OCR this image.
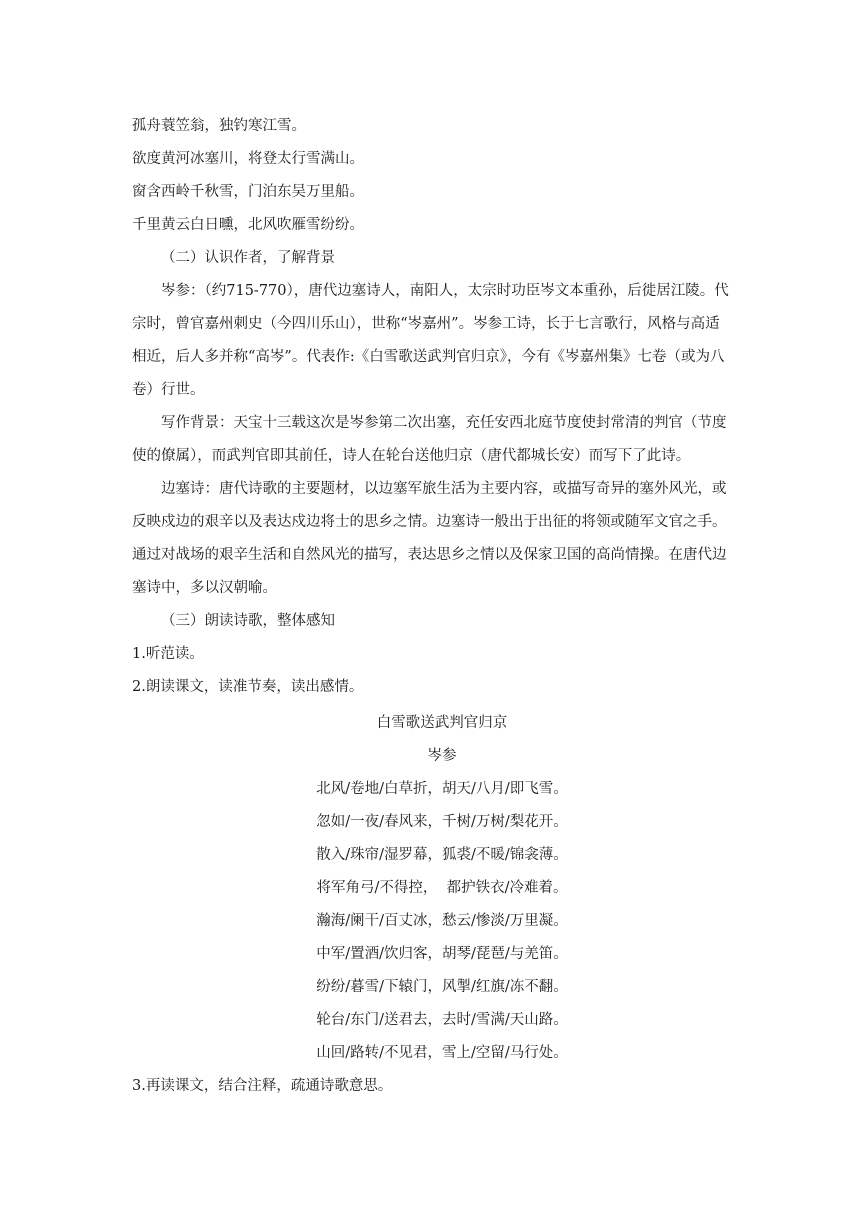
孤舟蓑笠翁，独钓寒江雪。
欲度黄河冰塞川，将登太行雪满山。
窗含西岭千秋雪，门泊东吴万里船。
千里黄云白日曛，北风吹雁雪纷纷。
（二）认识作者，了解背景

岑参：（约715-770），唐代边塞诗人，南阳人，太宗时功臣岑文本重孙，后徙居江陵。代宗时，曾官嘉州刺史（今四川乐山），世称“岑嘉州”。岑参工诗，长于七言歌行，风格与高适相近，后人多并称“高岑”。代表作:《白雪歌送武判官归京》，今有《岑嘉州集》七卷（或为八卷）行世。

写作背景：天宝十三载这次是岑参第二次出塞，充任安西北庭节度使封常清的判官（节度使的僚属），而武判官即其前任，诗人在轮台送他归京（唐代都城长安）而写下了此诗。

边塞诗：唐代诗歌的主要题材，以边塞军旅生活为主要内容，或描写奇异的塞外风光，或反映戍边的艰辛以及表达戍边将士的思乡之情。边塞诗一般出于出征的将领或随军文官之手。通过对战场的艰辛生活和自然风光的描写，表达思乡之情以及保家卫国的高尚情操。在唐代边塞诗中，多以汉朝喻。

（三）朗读诗歌，整体感知
1.听范读。
2.朗读课文，读准节奏，读出感情。
白雪歌送武判官归京
岑参
北风/卷地/白草折，胡天/八月/即飞雪。
忽如/一夜/春风来，千树/万树/梨花开。
散入/珠帘/湿罗幕，狐裘/不暖/锦衾薄。
将军角弓/不得控，  都护铁衣/冷难着。
瀚海/阑干/百丈冰，愁云/惨淡/万里凝。
中军/置酒/饮归客，胡琴/琵琶/与羌笛。
纷纷/暮雪/下辕门，风掣/红旗/冻不翻。
轮台/东门/送君去，去时/雪满/天山路。
山回/路转/不见君，雪上/空留/马行处。
3.再读课文，结合注释，疏通诗歌意思。
